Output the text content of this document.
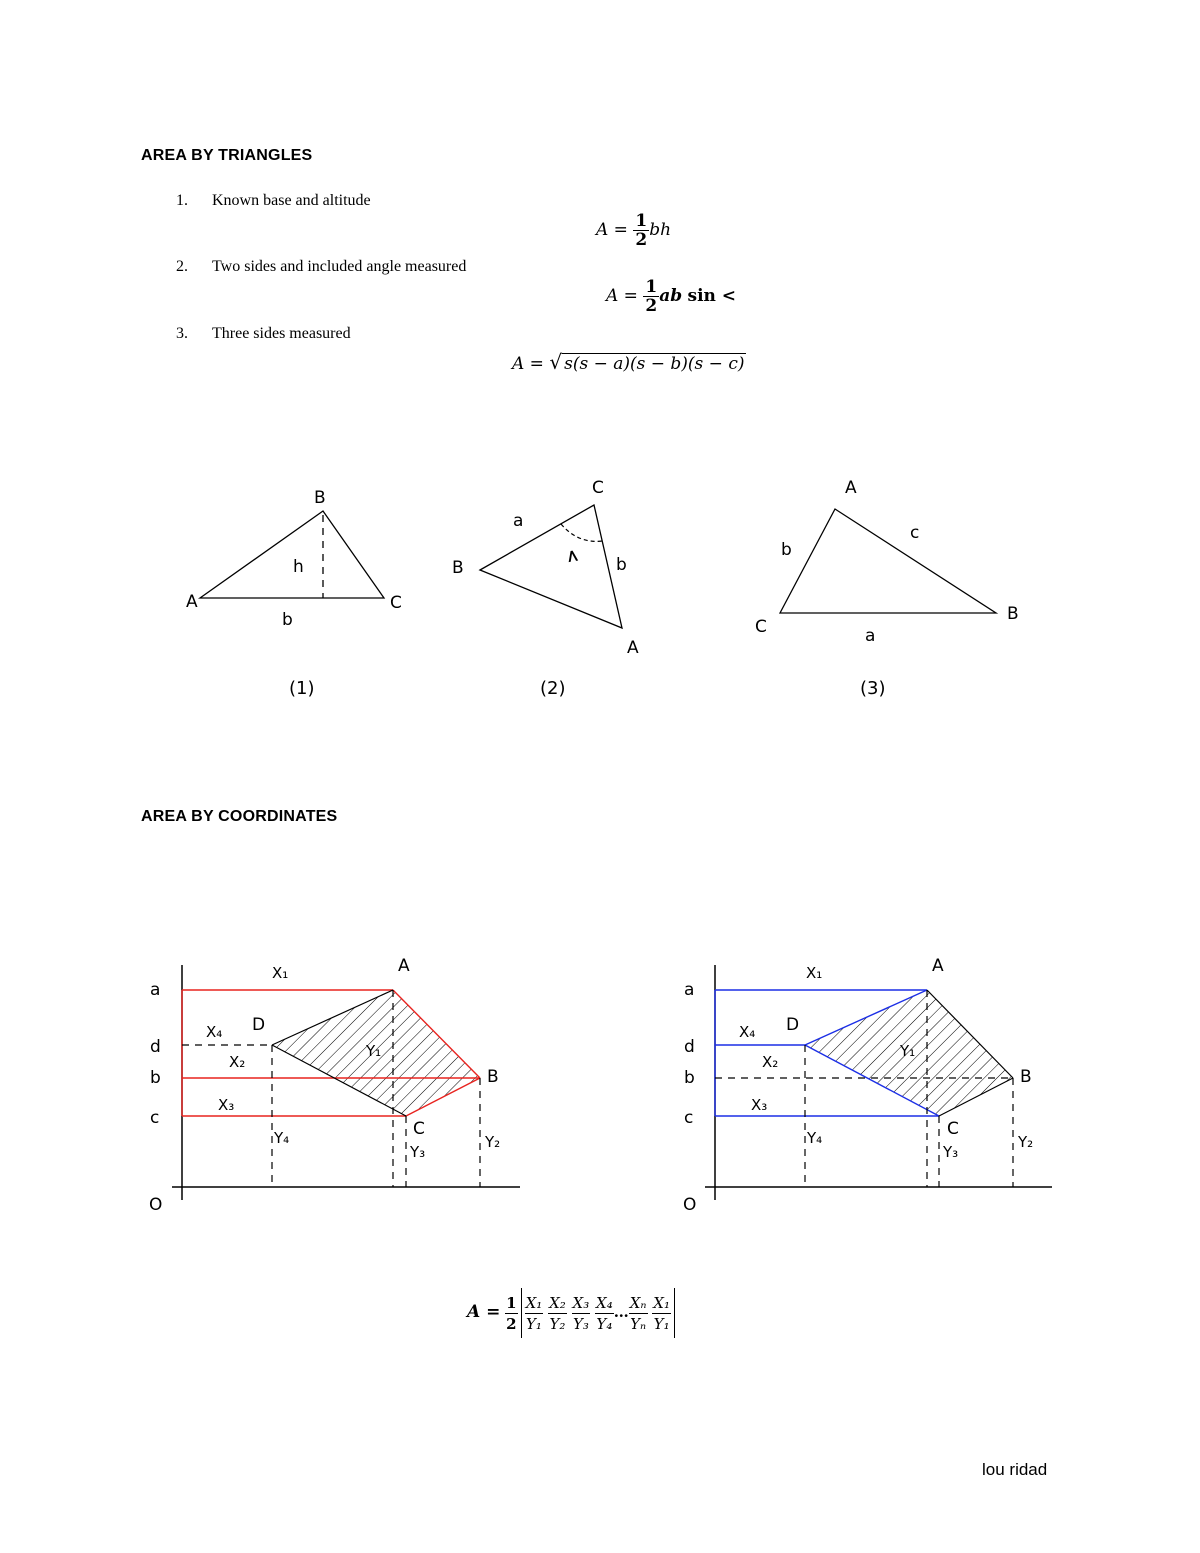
AREA BY TRIANGLES
1. Known base and altitude
2. Two sides and included angle measured
3. Three sides measured
$A = \frac{1}{2}$ bh
$A = \frac{1}{2}$ ab sin <
A = √ s(s − a)(s − b)(s − c)
A
B
C
h
b
<
B
C
A
a
b
A
C
B
b
c
a
a
d
b
c
O
A
B
C
D
X₁
X₄
X₂
X₃
Y₁
Y₂
Y₃
Y₄
a
d
b
c
O
A
B
C
D
X₁
X₄
X₂
X₃
Y₁
Y₂
Y₃
Y₄
(1)	(2)	(3)
AREA BY COORDINATES
$A = \frac{1}{2} \frac{\text{X₁}}{\text{Y₁}}$
$\frac{\text{X₂}}{\text{Y₂}}$
$\frac{\text{X₃}}{\text{Y₃}}$
$\frac{\text{X₄}}{\text{Y₄}}$ … $\frac{\text{Xₙ}}{\text{Yₙ}}$
$\frac{\text{X₁}}{\text{Y₁}}$
lou ridad
